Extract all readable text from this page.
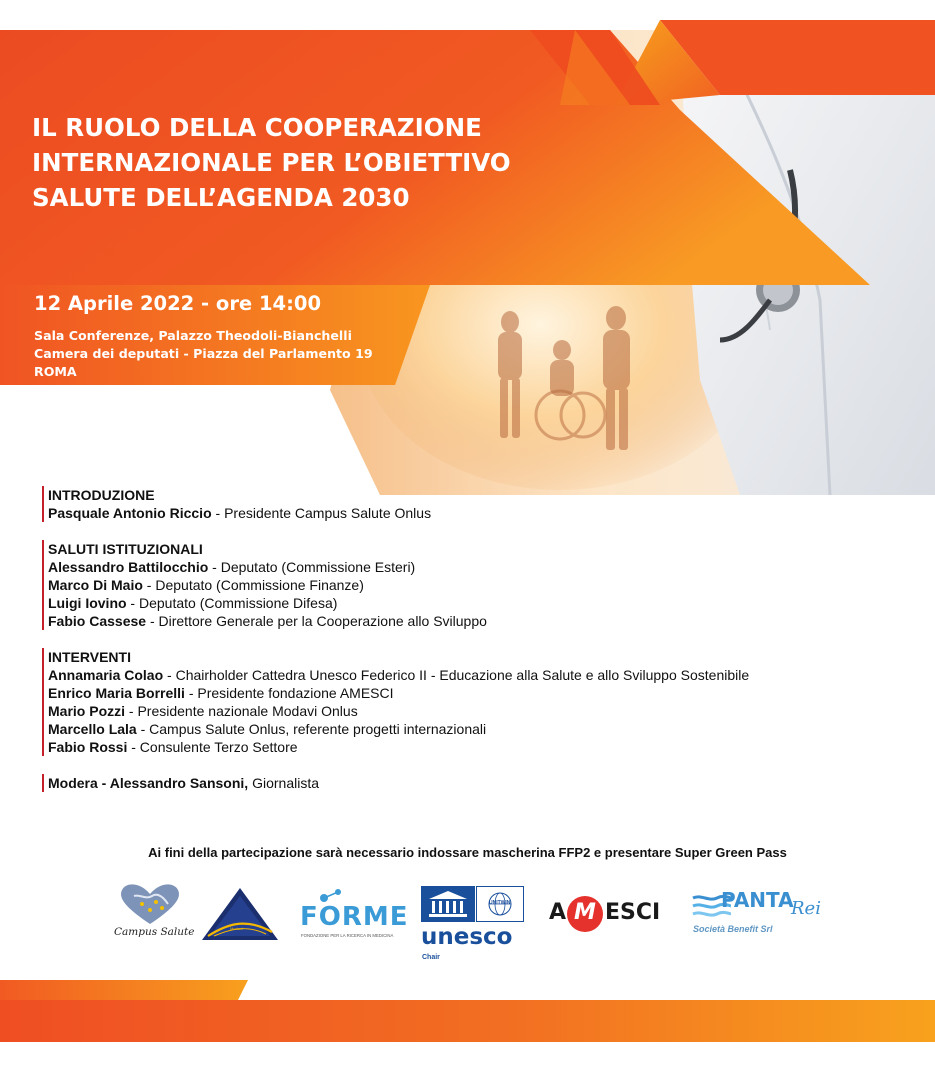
IL RUOLO DELLA COOPERAZIONE
INTERNAZIONALE PER L’OBIETTIVO
SALUTE DELL’AGENDA 2030
12 Aprile 2022 - ore 14:00
Sala Conferenze, Palazzo Theodoli-Bianchelli
Camera dei deputati - Piazza del Parlamento 19
ROMA
INTRODUZIONE
Pasquale Antonio Riccio - Presidente Campus Salute Onlus
SALUTI ISTITUZIONALI
Alessandro Battilocchio - Deputato (Commissione Esteri)
Marco Di Maio - Deputato (Commissione Finanze)
Luigi Iovino - Deputato (Commissione Difesa)
Fabio Cassese - Direttore Generale per la Cooperazione allo Sviluppo
INTERVENTI
Annamaria Colao - Chairholder Cattedra Unesco Federico II - Educazione alla Salute e allo Sviluppo Sostenibile
Enrico Maria Borrelli - Presidente fondazione AMESCI
Mario Pozzi - Presidente nazionale Modavi Onlus
Marcello Lala - Campus Salute Onlus, referente progetti internazionali
Fabio Rossi - Consulente Terzo Settore
Modera - Alessandro Sansoni, Giornalista
Ai fini della partecipazione sarà necessario indossare mascherina FFP2 e presentare Super Green Pass
Campus Salute	Modavi FORME
FONDAZIONE PER LA RICERCA IN MEDICINA
UNITWIN
unesco
Chair
A M ESCI	PANTA
Rei
Società Benefit Srl
